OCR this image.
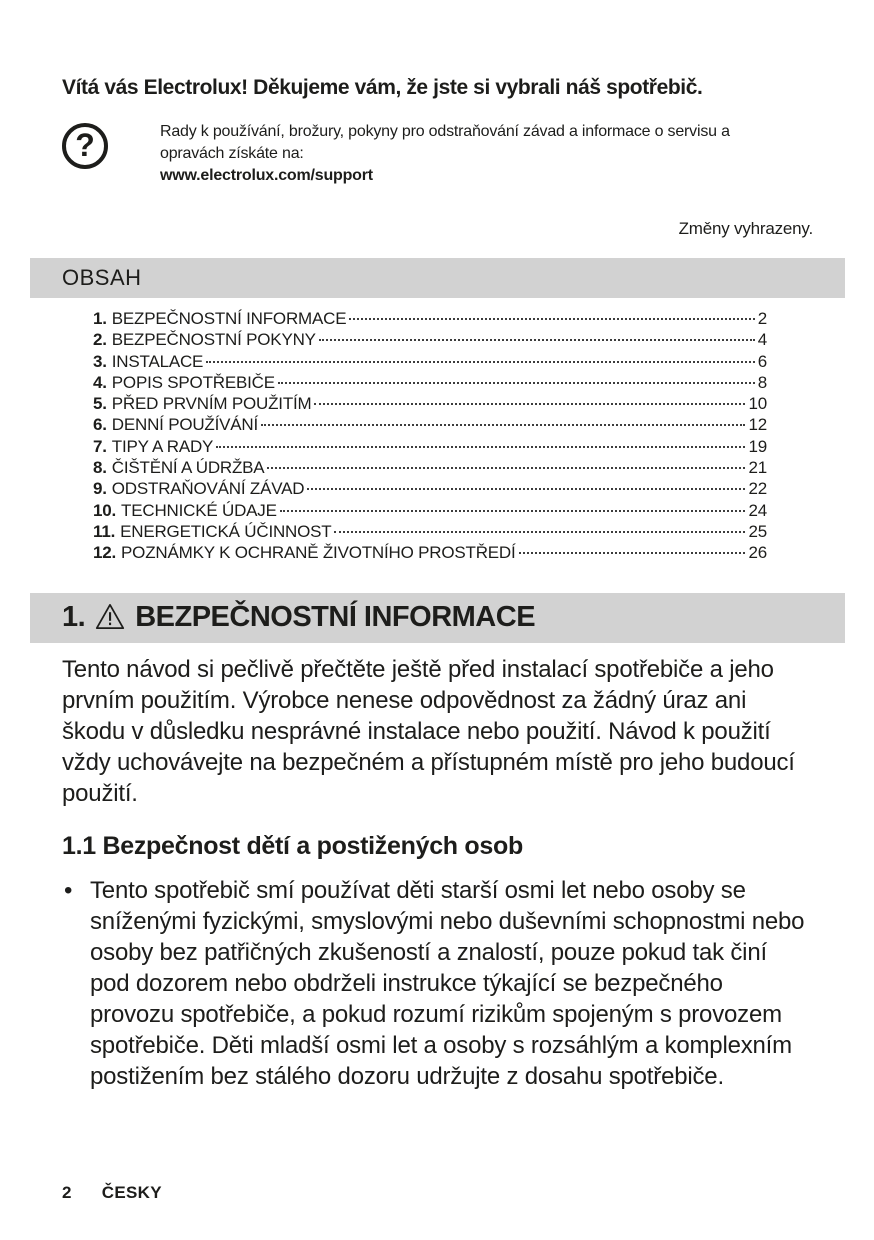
Vítá vás Electrolux! Děkujeme vám, že jste si vybrali náš spotřebič.
?	Rady k používání, brožury, pokyny pro odstraňování závad a informace o servisu a opravách získáte na:
www.electrolux.com/support
Změny vyhrazeny.
OBSAH
1. BEZPEČNOSTNÍ INFORMACE	2
2. BEZPEČNOSTNÍ POKYNY	4
3. INSTALACE	6
4. POPIS SPOTŘEBIČE	8
5. PŘED PRVNÍM POUŽITÍM	10
6. DENNÍ POUŽÍVÁNÍ	12
7. TIPY A RADY	19
8. ČIŠTĚNÍ A ÚDRŽBA	21
9. ODSTRAŇOVÁNÍ ZÁVAD	22
10. TECHNICKÉ ÚDAJE	24
11. ENERGETICKÁ ÚČINNOST	25
12. POZNÁMKY K OCHRANĚ ŽIVOTNÍHO PROSTŘEDÍ	26
1. BEZPEČNOSTNÍ INFORMACE

Tento návod si pečlivě přečtěte ještě před instalací spotřebiče a jeho prvním použitím. Výrobce nenese odpovědnost za žádný úraz ani škodu v důsledku nesprávné instalace nebo použití. Návod k použití vždy uchovávejte na bezpečném a přístupném místě pro jeho budoucí použití.

1.1 Bezpečnost dětí a postižených osob
• Tento spotřebič smí používat děti starší osmi let nebo osoby se sníženými fyzickými, smyslovými nebo duševními schopnostmi nebo osoby bez patřičných zkušeností a znalostí, pouze pokud tak činí pod dozorem nebo obdrželi instrukce týkající se bezpečného provozu spotřebiče, a pokud rozumí rizikům spojeným s provozem spotřebiče. Děti mladší osmi let a osoby s rozsáhlým a komplexním postižením bez stálého dozoru udržujte z dosahu spotřebiče.
2 ČESKY
